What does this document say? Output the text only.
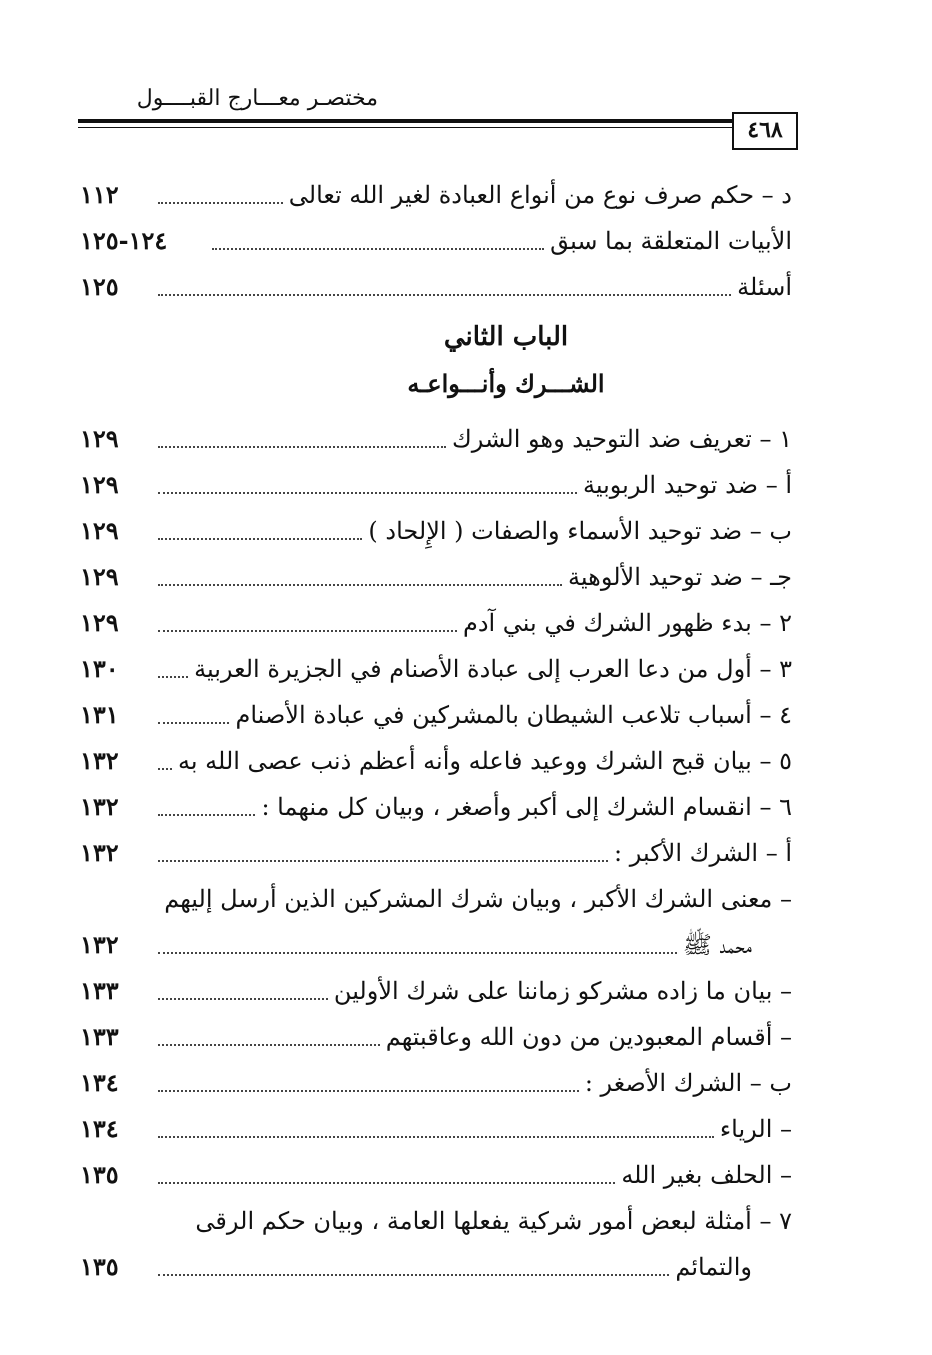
مختصـر معـــارج القبــــول
٤٦٨
د – حكم صرف نوع من أنواع العبادة لغير الله تعالى
١١٢
الأبيات المتعلقة بما سبق
١٢٤-١٢٥
أسئلة
١٢٥
الباب الثاني
الشـــرك وأنـــواعـه
١ – تعريف ضد التوحيد وهو الشرك
١٢٩
أ – ضد توحيد الربوبية
١٢٩
ب – ضد توحيد الأسماء والصفات ( الإِلحاد )
١٢٩
جـ – ضد توحيد الألوهية
١٢٩
٢ – بدء ظهور الشرك في بني آدم
١٢٩
٣ – أول من دعا العرب إلى عبادة الأصنام في الجزيرة العربية
١٣٠
٤ – أسباب تلاعب الشيطان بالمشركين في عبادة الأصنام
١٣١
٥ – بيان قبح الشرك ووعيد فاعله وأنه أعظم ذنب عصى الله به
١٣٢
٦ – انقسام الشرك إلى أكبر وأصغر ، وبيان كل منهما :
١٣٢
أ – الشرك الأكبر :
١٣٢
– معنى الشرك الأكبر ، وبيان شرك المشركين الذين أرسل إليهم
محمد ﷺ
١٣٢
– بيان ما زاده مشركو زماننا على شرك الأولين
١٣٣
– أقسام المعبودين من دون الله وعاقبتهم
١٣٣
ب – الشرك الأصغر :
١٣٤
– الرياء
١٣٤
– الحلف بغير الله
١٣٥
٧ – أمثلة لبعض أمور شركية يفعلها العامة ، وبيان حكم الرقى
والتمائم
١٣٥
